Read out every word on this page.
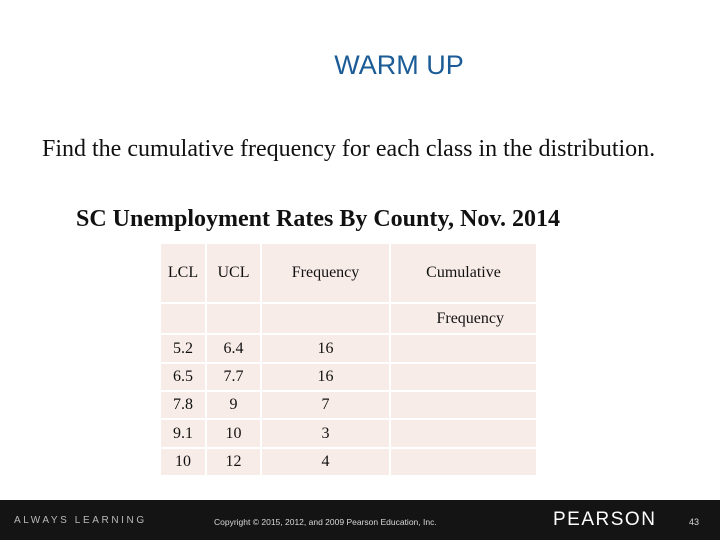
WARM UP
Find the cumulative frequency for each class in the distribution.
SC Unemployment Rates By County, Nov. 2014
LCL UCL	Frequency	Cumulative
Frequency
5.2 6.4	16
6.5 7.7	16
7.8 9	7
9.1 10	3
10 12	4
ALWAYS LEARNING	Copyright © 2015, 2012, and 2009 Pearson Education, Inc.	PEARSON	43
